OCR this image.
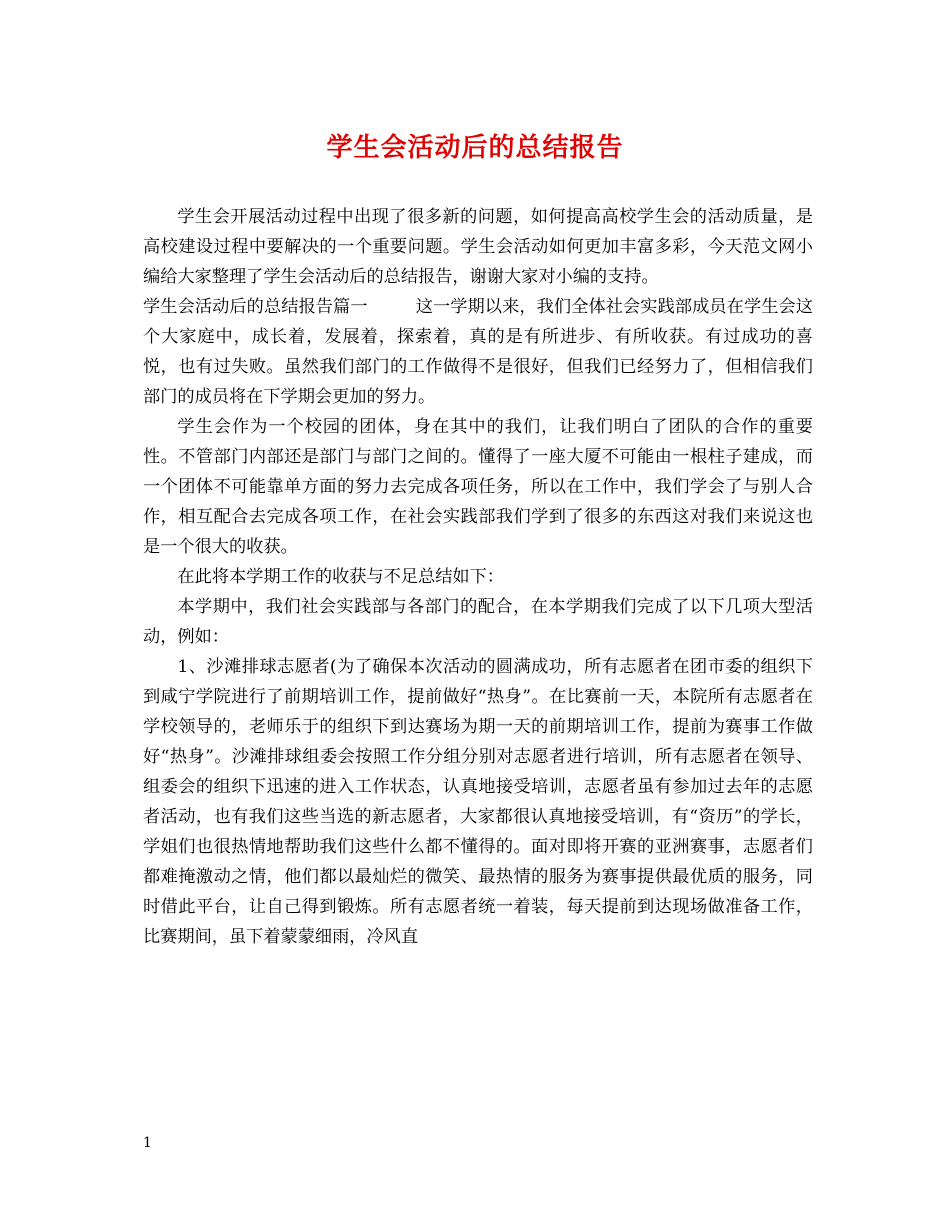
学生会活动后的总结报告

学生会开展活动过程中出现了很多新的问题，如何提高高校学生会的活动质量，是高校建设过程中要解决的一个重要问题。学生会活动如何更加丰富多彩，今天范文网小编给大家整理了学生会活动后的总结报告，谢谢大家对小编的支持。

学生会活动后的总结报告篇一	这一学期以来，我们全体社会实践部成员在学生会这个大家庭中，成长着，发展着，探索着，真的是有所进步、有所收获。有过成功的喜悦，也有过失败。虽然我们部门的工作做得不是很好，但我们已经努力了，但相信我们部门的成员将在下学期会更加的努力。

学生会作为一个校园的团体，身在其中的我们，让我们明白了团队的合作的重要性。不管部门内部还是部门与部门之间的。懂得了一座大厦不可能由一根柱子建成，而一个团体不可能靠单方面的努力去完成各项任务，所以在工作中，我们学会了与别人合作，相互配合去完成各项工作，在社会实践部我们学到了很多的东西这对我们来说这也是一个很大的收获。

在此将本学期工作的收获与不足总结如下：

本学期中，我们社会实践部与各部门的配合，在本学期我们完成了以下几项大型活动，例如：

1、沙滩排球志愿者(为了确保本次活动的圆满成功，所有志愿者在团市委的组织下到咸宁学院进行了前期培训工作，提前做好“热身”。在比赛前一天，本院所有志愿者在学校领导的，老师乐于的组织下到达赛场为期一天的前期培训工作，提前为赛事工作做好“热身”。沙滩排球组委会按照工作分组分别对志愿者进行培训，所有志愿者在领导、组委会的组织下迅速的进入工作状态，认真地接受培训，志愿者虽有参加过去年的志愿者活动，也有我们这些当选的新志愿者，大家都很认真地接受培训，有“资历”的学长，学姐们也很热情地帮助我们这些什么都不懂得的。面对即将开赛的亚洲赛事，志愿者们都难掩激动之情，他们都以最灿烂的微笑、最热情的服务为赛事提供最优质的服务，同时借此平台，让自己得到锻炼。所有志愿者统一着装，每天提前到达现场做准备工作，比赛期间，虽下着蒙蒙细雨，冷风直

1
